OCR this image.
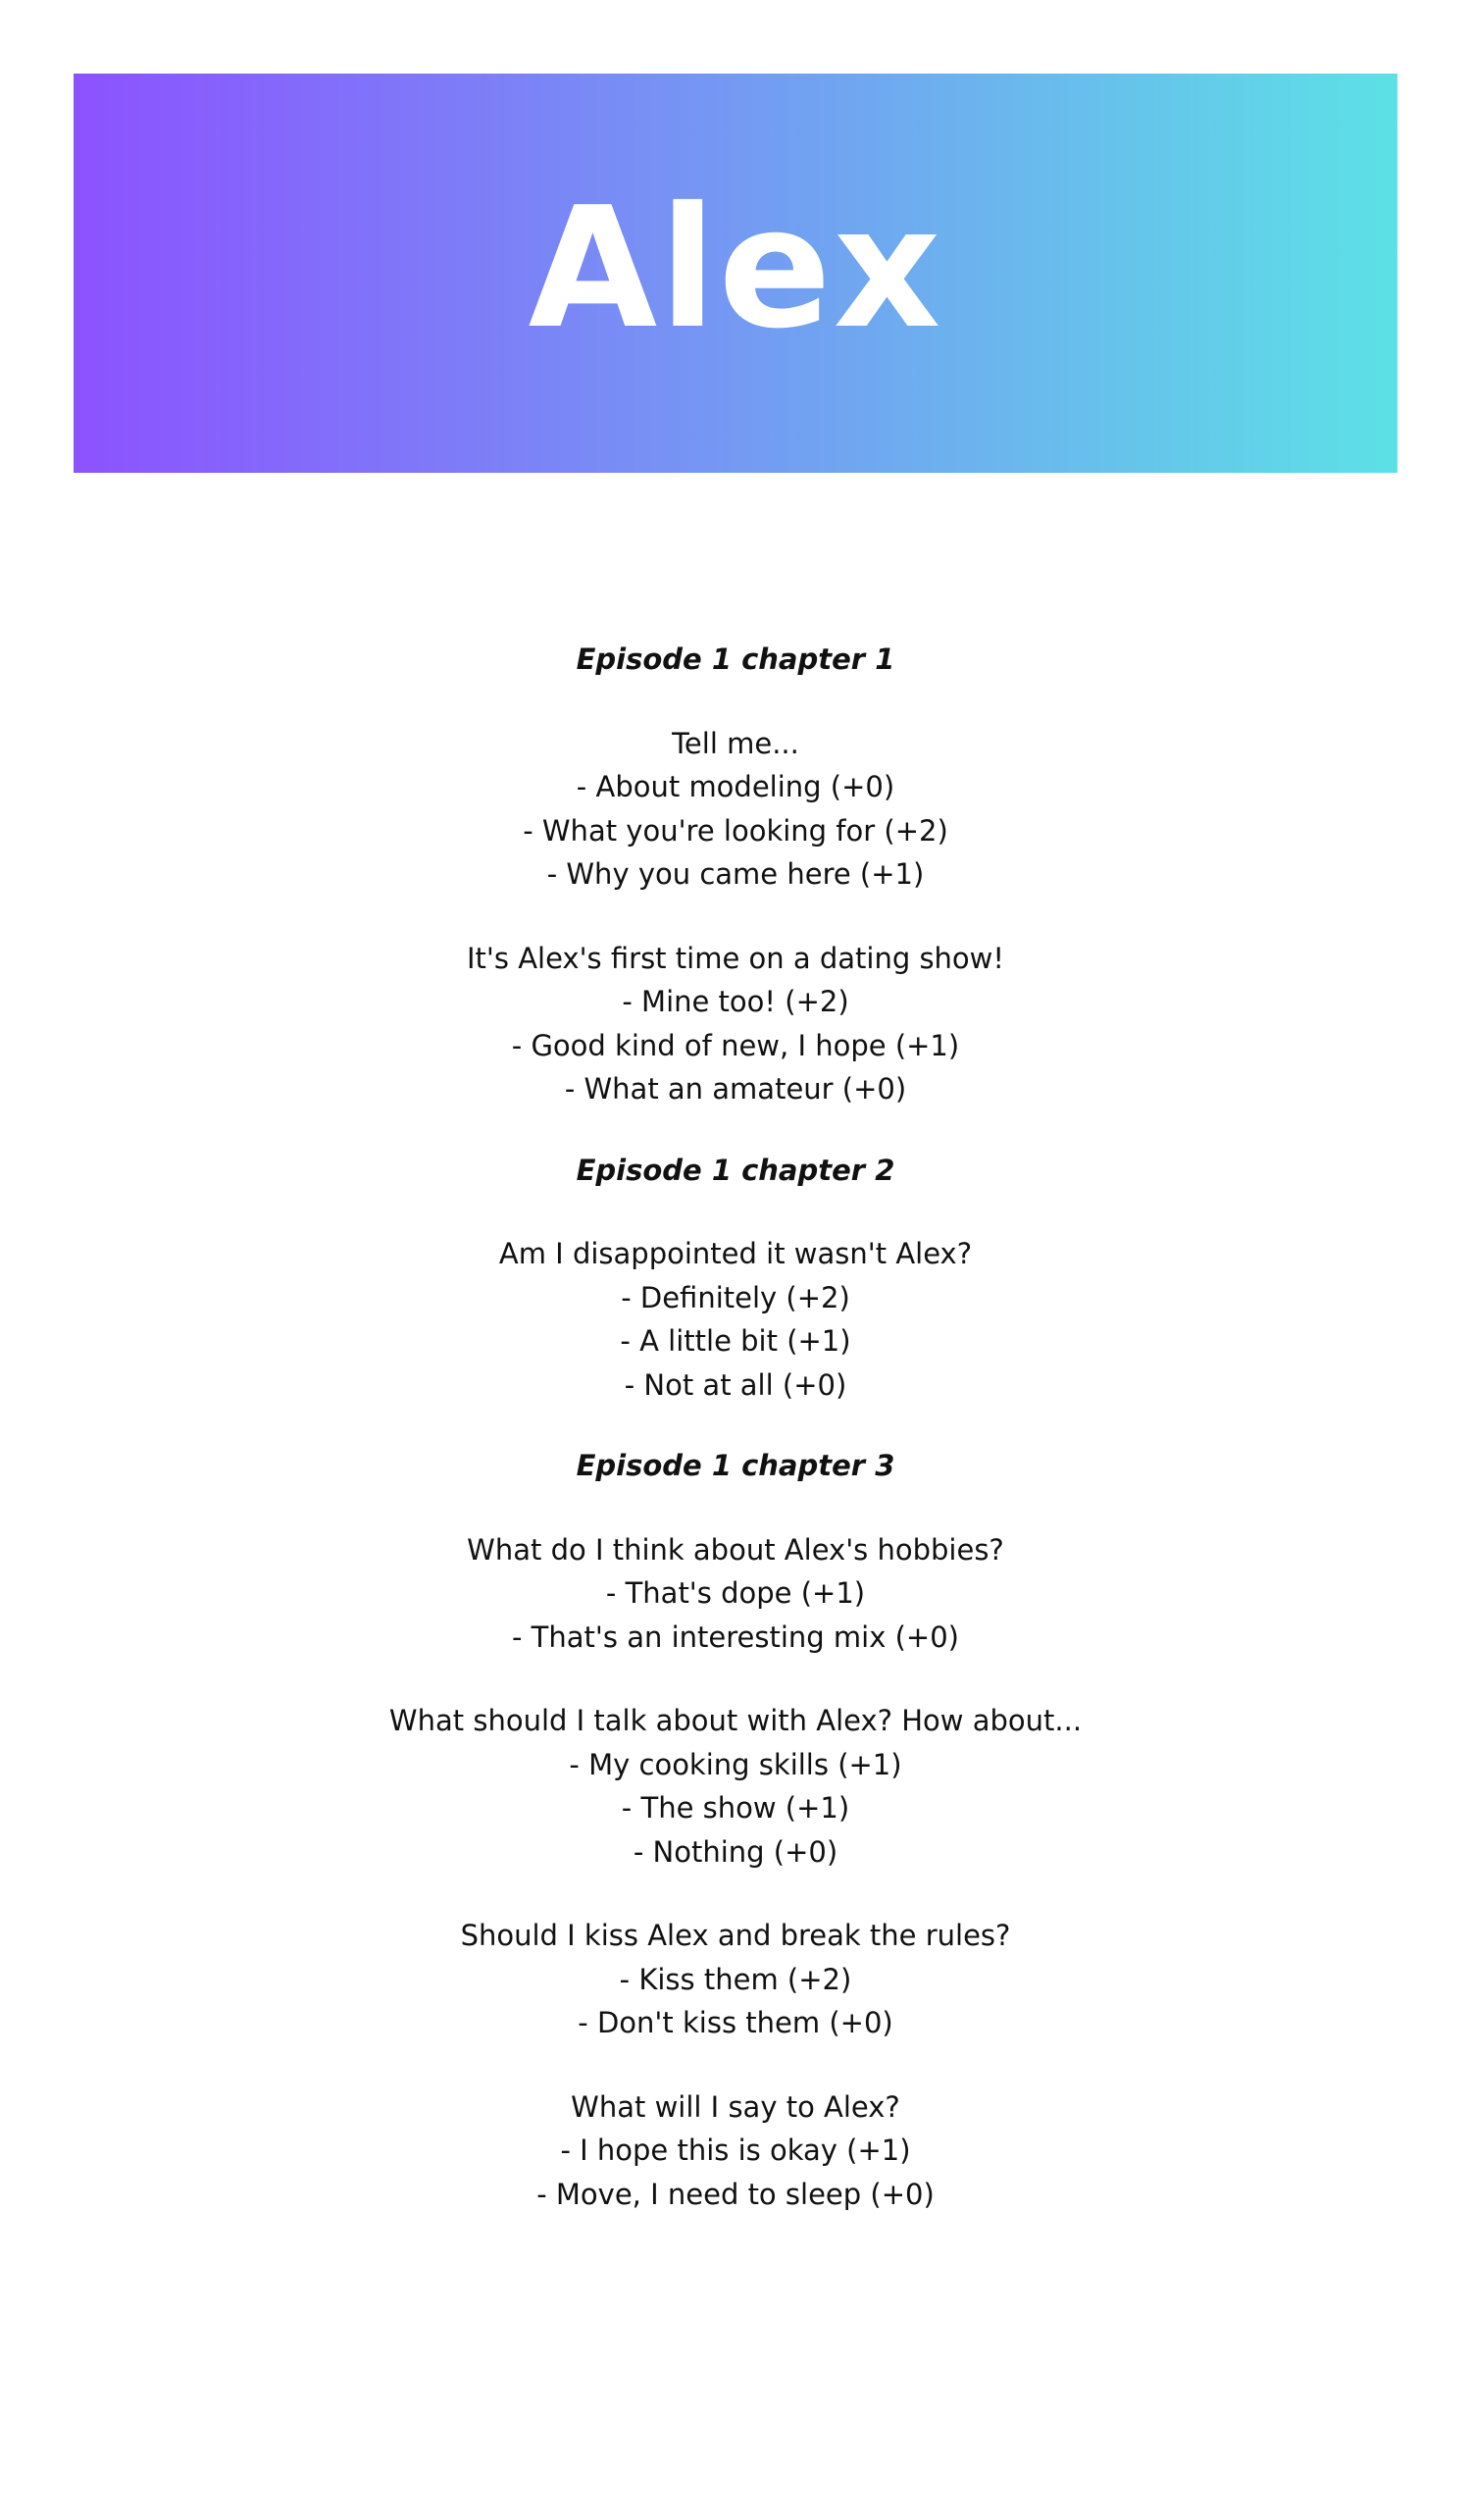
Alex

Episode 1 chapter 1

Tell me...
- About modeling (+0)
- What you're looking for (+2)
- Why you came here (+1)
It's Alex's first time on a dating show!
- Mine too! (+2)
- Good kind of new, I hope (+1)
- What an amateur (+0)

Episode 1 chapter 2

Am I disappointed it wasn't Alex?
- Definitely (+2)
- A little bit (+1)
- Not at all (+0)

Episode 1 chapter 3

What do I think about Alex's hobbies?
- That's dope (+1)
- That's an interesting mix (+0)
What should I talk about with Alex? How about...
- My cooking skills (+1)
- The show (+1)
- Nothing (+0)
Should I kiss Alex and break the rules?
- Kiss them (+2)
- Don't kiss them (+0)
What will I say to Alex?
- I hope this is okay (+1)
- Move, I need to sleep (+0)
